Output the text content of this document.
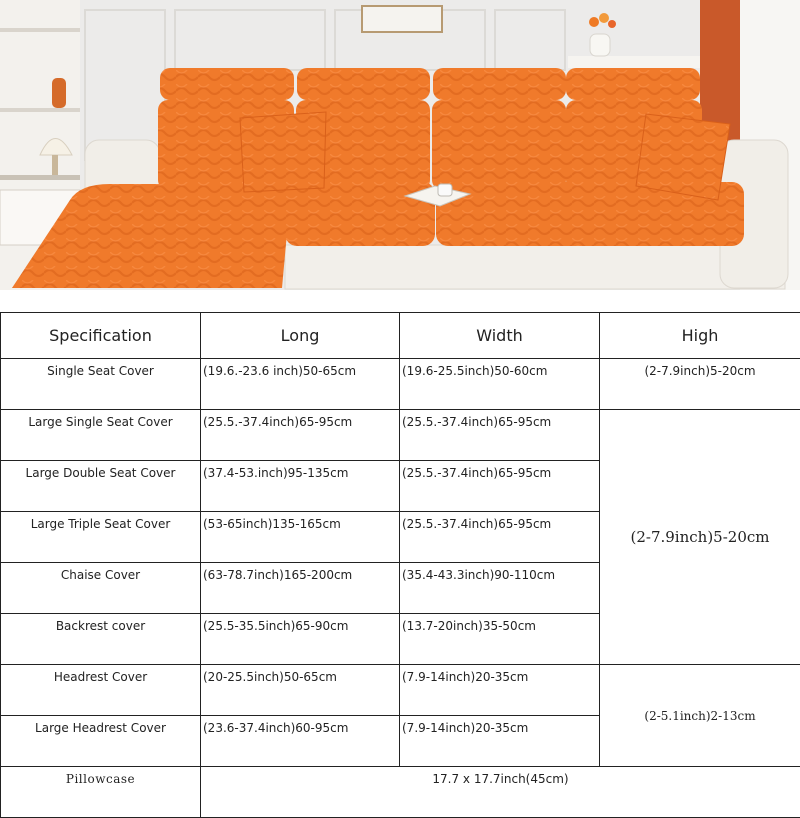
Specification	Long	Width	High
Single Seat Cover	(19.6.-23.6 inch)50-65cm	(19.6-25.5inch)50-60cm	(2-7.9inch)5-20cm
Large Single Seat Cover	(25.5.-37.4inch)65-95cm	(25.5.-37.4inch)65-95cm	(2-7.9inch)5-20cm
Large Double Seat Cover	(37.4-53.inch)95-135cm	(25.5.-37.4inch)65-95cm	
Large Triple Seat Cover	(53-65inch)135-165cm	(25.5.-37.4inch)65-95cm	
Chaise Cover	(63-78.7inch)165-200cm	(35.4-43.3inch)90-110cm	
Backrest cover	(25.5-35.5inch)65-90cm	(13.7-20inch)35-50cm	
Headrest Cover	(20-25.5inch)50-65cm	(7.9-14inch)20-35cm	(2-5.1inch)2-13cm
Large Headrest Cover	(23.6-37.4inch)60-95cm	(7.9-14inch)20-35cm	
Pillowcase	17.7 x 17.7inch(45cm)		
